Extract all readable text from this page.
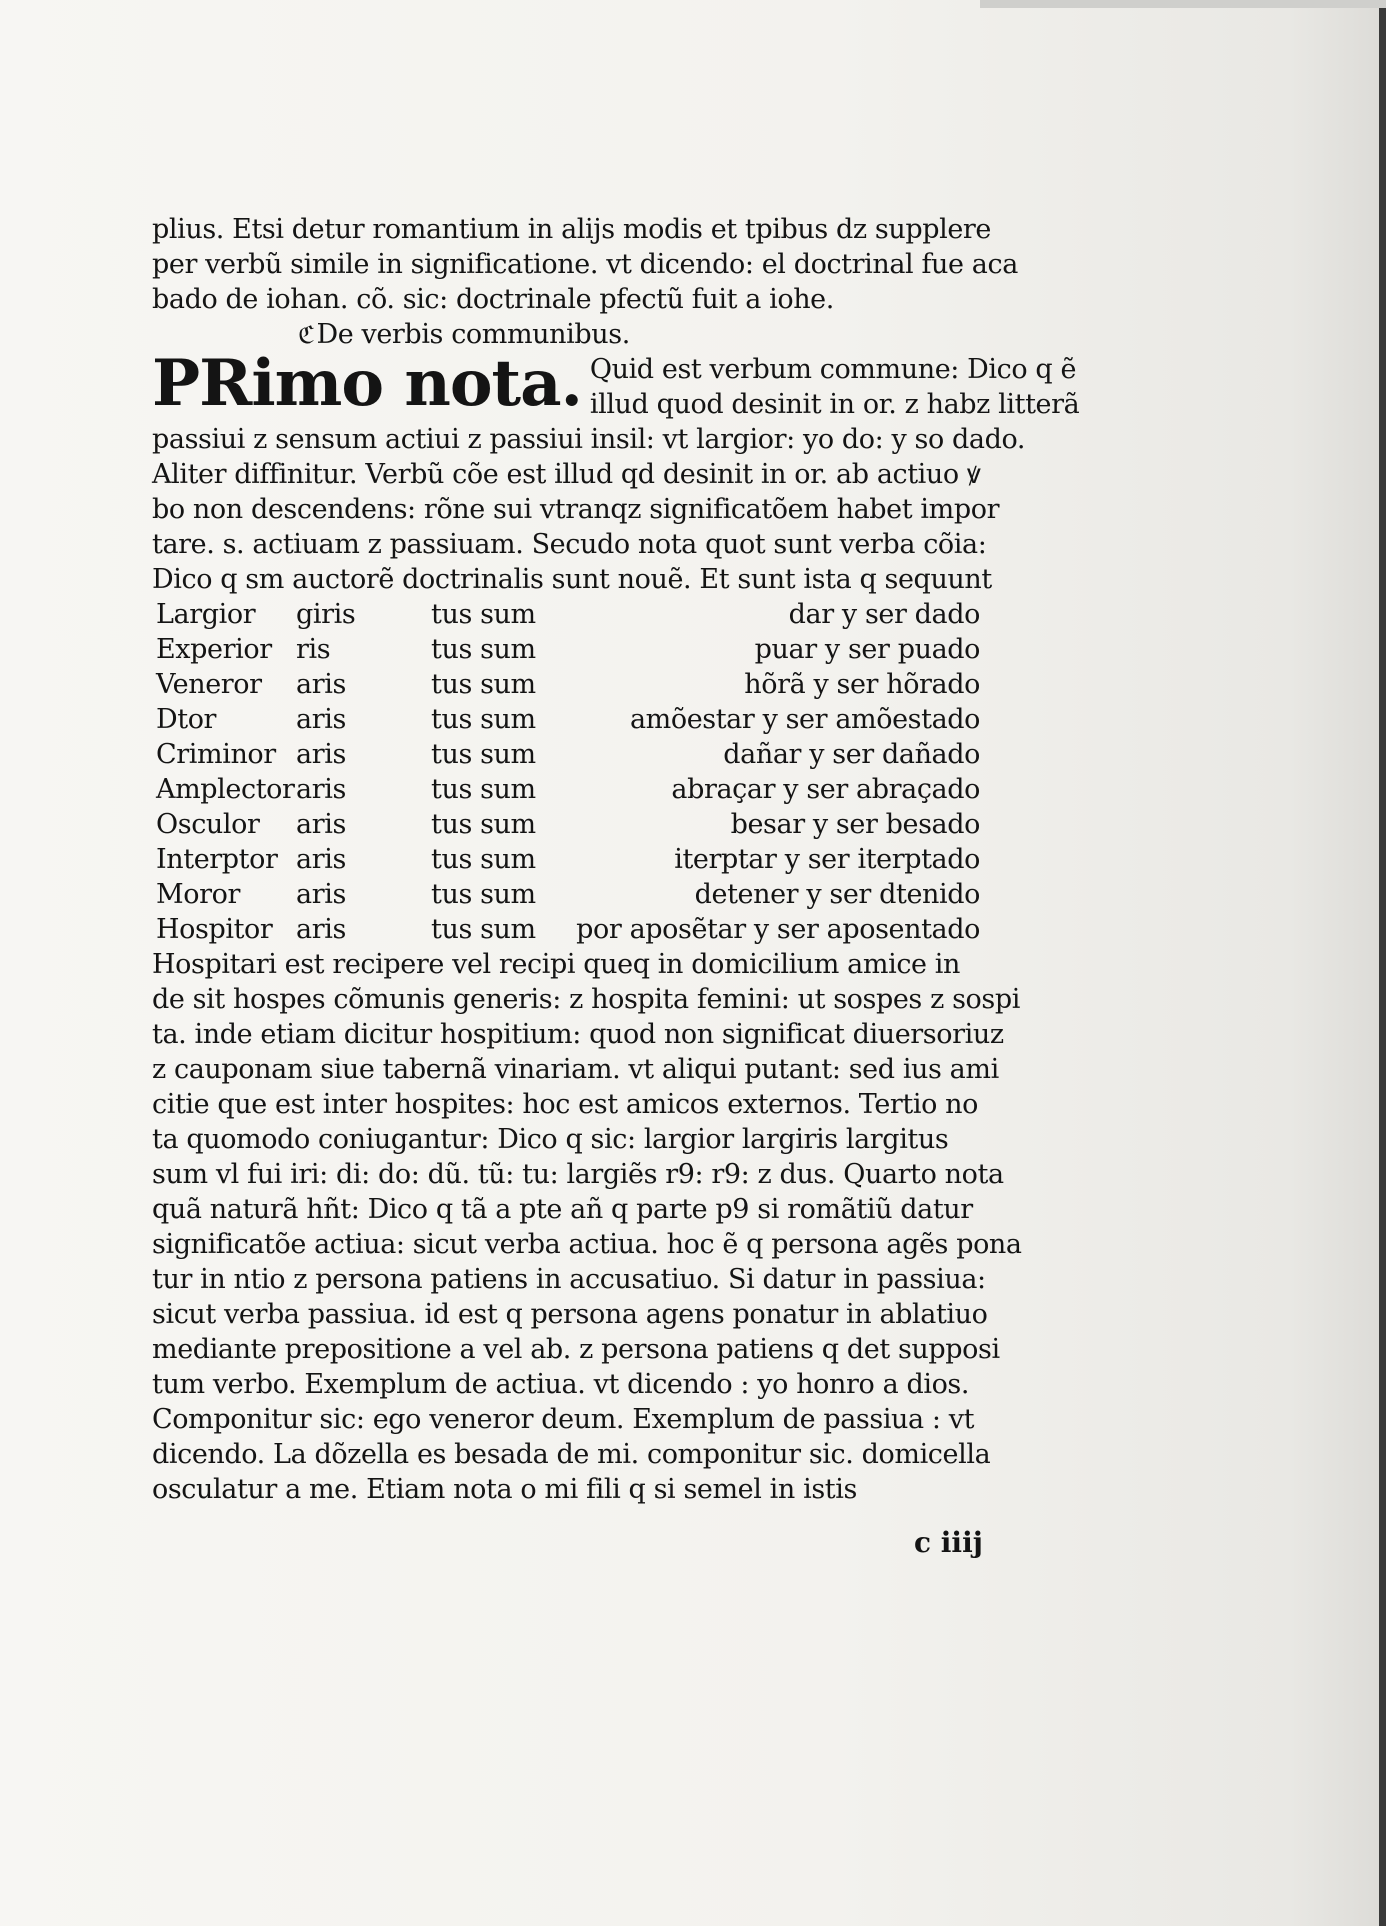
plius. Etsi detur romantium in alijs modis et tpibus dz supplere
per verbũ simile in significatione. vt dicendo: el doctrinal fue aca
bado de iohan. cõ. sic: doctrinale pfectũ fuit a iohe.
ℭDe verbis communibus.
PRimo nota. Quid est verbum commune: Dico q ẽ
illud quod desinit in or. z habz litterã
passiui z sensum actiui z passiui insil: vt largior: yo do: y so dado.
Aliter diffinitur. Verbũ cõe est illud qd desinit in or. ab actiuo ꝟ
bo non descendens: rõne sui vtranqz significatõem habet impor
tare. s. actiuam z passiuam. Secudo nota quot sunt verba cõia:
Dico q sm auctorẽ doctrinalis sunt nouẽ. Et sunt ista q sequunt
Largior	giris	tus sum	dar y ser dado
Experior ris	tus sum	puar y ser puado
Veneror	aris	tus sum	hõrã y ser hõrado
Dtor	aris	tus sum	amõestar y ser amõestado
Criminor aris	tus sum	dañar y ser dañado
Amplector aris	tus sum	abraçar y ser abraçado
Osculor	aris	tus sum	besar y ser besado
Interptor aris	tus sum	iterptar y ser iterptado
Moror	aris	tus sum	detener y ser dtenido
Hospitor aris	tus sum	por aposẽtar y ser aposentado
Hospitari est recipere vel recipi queq in domicilium amice in
de sit hospes cõmunis generis: z hospita femini: ut sospes z sospi
ta. inde etiam dicitur hospitium: quod non significat diuersoriuz
z cauponam siue tabernã vinariam. vt aliqui putant: sed ius ami
citie que est inter hospites: hoc est amicos externos. Tertio no
ta quomodo coniugantur: Dico q sic: largior largiris largitus
sum vl fui iri: di: do: dũ. tũ: tu: largiẽs r9: r9: z dus. Quarto nota
quã naturã hñt: Dico q tã a pte añ q parte p9 si romãtiũ datur
significatõe actiua: sicut verba actiua. hoc ẽ q persona agẽs pona
tur in ntio z persona patiens in accusatiuo. Si datur in passiua:
sicut verba passiua. id est q persona agens ponatur in ablatiuo
mediante prepositione a vel ab. z persona patiens q det supposi
tum verbo. Exemplum de actiua. vt dicendo : yo honro a dios.
Componitur sic: ego veneror deum. Exemplum de passiua : vt
dicendo. La dõzella es besada de mi. componitur sic. domicella
osculatur a me. Etiam nota o mi fili q si semel in istis
c iiij
